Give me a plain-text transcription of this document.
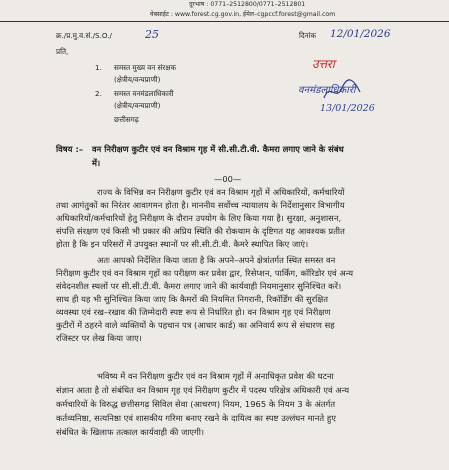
दूरभाष : 0771–2512800/0771–2512801
वेबसाईट : www.forest.cg.gov.in, ईमेल–cgpccf.forest@gmail.com
क्र./प्र.मु.व.सं./S.O./	25	दिनांक 12/01/2026
प्रति,
1. समस्त मुख्य वन संरक्षक
(क्षेत्रीय/वन्यप्राणी)
2. समस्त वनमंडलाधिकारी
(क्षेत्रीय/वन्यप्राणी)
छत्तीसगढ़
उत्तरा
वनमंडलाधिकारी
13/01/2026
विषय :– वन निरीक्षण कुटीर एवं वन विश्राम गृह में सी.सी.टी.वी. कैमरा लगाए जाने के संबंध
में।
—00—
राज्य के विभिन्न वन निरीक्षण कुटीर एवं वन विश्राम गृहों में अधिकारियों, कर्मचारियों
तथा आगंतुकों का निरंतर आवागमन होता है। माननीय सर्वोच्च न्यायालय के निर्देशानुसार विभागीय
अधिकारियों/कर्मचारियों हेतु निरीक्षण के दौरान उपयोग के लिए किया गया है। सुरक्षा, अनुशासन,
संपत्ति संरक्षण एवं किसी भी प्रकार की अप्रिय स्थिति की रोकथाम के दृष्टिगत यह आवश्यक प्रतीत
होता है कि इन परिसरों में उपयुक्त स्थानों पर सी.सी.टी.वी. कैमरे स्थापित किए जाएं।
अतः आपको निर्देशित किया जाता है कि अपने–अपने क्षेत्रांतर्गत स्थित समस्त वन
निरीक्षण कुटीर एवं वन विश्राम गृहों का परीक्षण कर प्रवेश द्वार, रिसेप्शन, पार्किंग, कॉरिडोर एवं अन्य
संवेदनशील स्थलों पर सी.सी.टी.वी. कैमरा लगाए जाने की कार्यवाही नियमानुसार सुनिश्चित करें।
साथ ही यह भी सुनिश्चित किया जाए कि कैमरों की नियमित निगरानी, रिकॉर्डिंग की सुरक्षित
व्यवस्था एवं रख–रखाव की जिम्मेदारी स्पष्ट रूप से निर्धारित हो। वन विश्राम गृह एवं निरीक्षण
कुटीरों में ठहरने वाले व्यक्तियों के पहचान पत्र (आधार कार्ड) का अनिवार्य रूप से संधारण सह
रजिस्टर पर लेख किया जाए।
भविष्य में वन निरीक्षण कुटीर एवं वन विश्राम गृहों में अनाधिकृत प्रवेश की घटना
संज्ञान आता है तो संबंधित वन विश्राम गृह एवं निरीक्षण कुटीर में पदस्थ परिक्षेत्र अधिकारी एवं अन्य
कर्मचारियों के विरुद्ध छत्तीसगढ़ सिविल सेवा (आचरण) नियम, 1965 के नियम 3 के अंतर्गत
कर्तव्यनिष्ठा, सत्यनिष्ठा एवं शासकीय गरिमा बनाए रखने के दायित्व का स्पष्ट उल्लंघन मानते हुए
संबंधित के खिलाफ तत्काल कार्यवाही की जाएगी।
